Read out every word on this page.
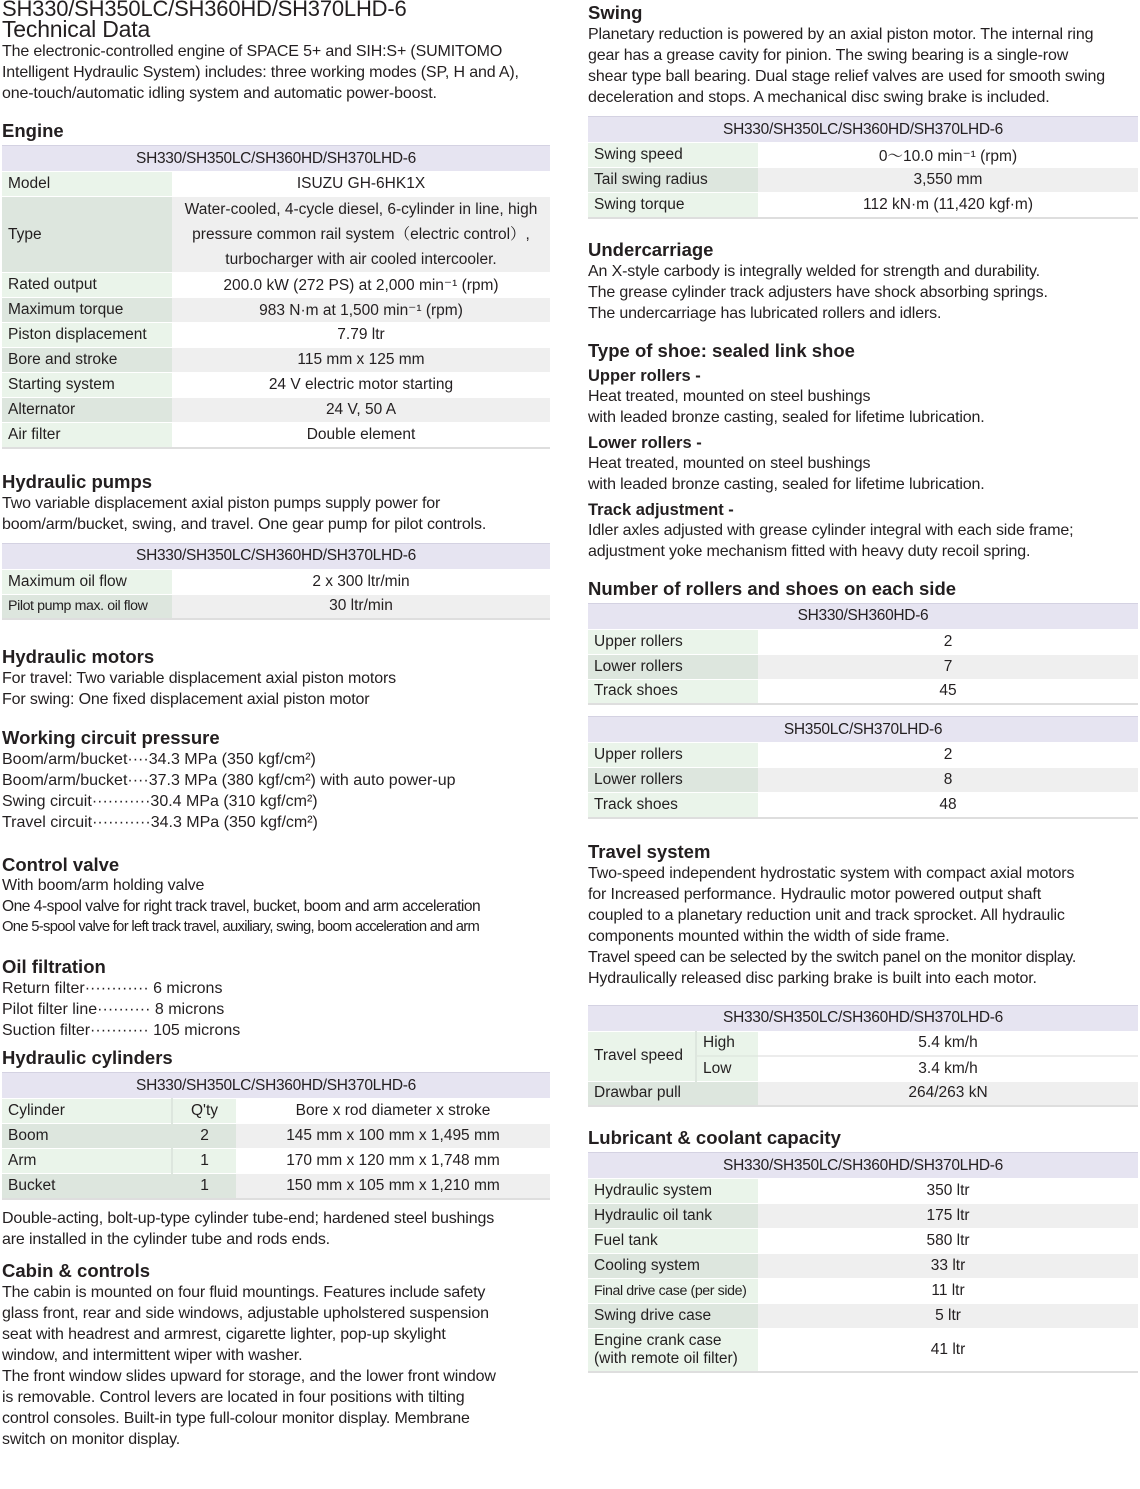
SH330/SH350LC/SH360HD/SH370LHD-6
Technical Data
The electronic-controlled engine of SPACE 5+ and SIH:S+ (SUMITOMO
Intelligent Hydraulic System) includes: three working modes (SP, H and A),
one-touch/automatic idling system and automatic power-boost.
Engine
SH330/SH350LC/SH360HD/SH370LHD-6	
Model	ISUZU GH-6HK1X
Type	Water-cooled, 4-cycle diesel, 6-cylinder in line, high
pressure common rail system（electric control）,
turbocharger with air cooled intercooler.

Rated output	200.0 kW (272 PS) at 2,000 min⁻¹ (rpm)
Maximum torque	983 N·m at 1,500 min⁻¹ (rpm)
Piston displacement	7.79 ltr
Bore and stroke	115 mm x 125 mm
Starting system	24 V electric motor starting
Alternator	24 V, 50 A
Air filter	Double element
Hydraulic pumps
Two variable displacement axial piston pumps supply power for
boom/arm/bucket, swing, and travel. One gear pump for pilot controls.
SH330/SH350LC/SH360HD/SH370LHD-6	
Maximum oil flow	2 x 300 ltr/min
Pilot pump max. oil flow	30 ltr/min
Hydraulic motors
For travel: Two variable displacement axial piston motors
For swing: One fixed displacement axial piston motor
Working circuit pressure
Boom/arm/bucket ···· 34.3 MPa (350 kgf/cm²)
Boom/arm/bucket ···· 37.3 MPa (380 kgf/cm²) with auto power-up
Swing circuit ··········· 30.4 MPa (310 kgf/cm²)
Travel circuit ··········· 34.3 MPa (350 kgf/cm²)
Control valve
With boom/arm holding valve
One 4-spool valve for right track travel, bucket, boom and arm acceleration
One 5-spool valve for left track travel, auxiliary, swing, boom acceleration and arm
Oil filtration
Return filter ············ 6 microns
Pilot filter line ·········· 8 microns
Suction filter ··········· 105 microns
Hydraulic cylinders
SH330/SH350LC/SH360HD/SH370LHD-6		
Cylinder	Q'ty	Bore x rod diameter x stroke
Boom	2	145 mm x 100 mm x 1,495 mm
Arm	1	170 mm x 120 mm x 1,748 mm
Bucket	1	150 mm x 105 mm x 1,210 mm
Double-acting, bolt-up-type cylinder tube-end; hardened steel bushings
are installed in the cylinder tube and rods ends.
Cabin & controls
The cabin is mounted on four fluid mountings. Features include safety
glass front, rear and side windows, adjustable upholstered suspension
seat with headrest and armrest, cigarette lighter, pop-up skylight
window, and intermittent wiper with washer.
The front window slides upward for storage, and the lower front window
is removable. Control levers are located in four positions with tilting
control consoles. Built-in type full-colour monitor display. Membrane
switch on monitor display.
Swing
Planetary reduction is powered by an axial piston motor. The internal ring
gear has a grease cavity for pinion. The swing bearing is a single-row
shear type ball bearing. Dual stage relief valves are used for smooth swing
deceleration and stops. A mechanical disc swing brake is included.
SH330/SH350LC/SH360HD/SH370LHD-6	
Swing speed	0〜10.0 min⁻¹ (rpm)
Tail swing radius	3,550 mm
Swing torque	112 kN·m (11,420 kgf·m)
Undercarriage
An X-style carbody is integrally welded for strength and durability.
The grease cylinder track adjusters have shock absorbing springs.
The undercarriage has lubricated rollers and idlers.
Type of shoe: sealed link shoe
Upper rollers -
Heat treated, mounted on steel bushings
with leaded bronze casting, sealed for lifetime lubrication.
Lower rollers -
Heat treated, mounted on steel bushings
with leaded bronze casting, sealed for lifetime lubrication.
Track adjustment -
Idler axles adjusted with grease cylinder integral with each side frame;
adjustment yoke mechanism fitted with heavy duty recoil spring.
Number of rollers and shoes on each side
SH330/SH360HD-6	
Upper rollers	2
Lower rollers	7
Track shoes	45
SH350LC/SH370LHD-6	
Upper rollers	2
Lower rollers	8
Track shoes	48
Travel system
Two-speed independent hydrostatic system with compact axial motors
for Increased performance. Hydraulic motor powered output shaft
coupled to a planetary reduction unit and track sprocket. All hydraulic
components mounted within the width of side frame.
Travel speed can be selected by the switch panel on the monitor display.
Hydraulically released disc parking brake is built into each motor.
SH330/SH350LC/SH360HD/SH370LHD-6		
Travel speed	High	5.4 km/h
	Low	3.4 km/h
Drawbar pull		264/263 kN
Lubricant & coolant capacity
SH330/SH350LC/SH360HD/SH370LHD-6	
Hydraulic system	350 ltr
Hydraulic oil tank	175 ltr
Fuel tank	580 ltr
Cooling system	33 ltr
Final drive case (per side)	11 ltr
Swing drive case	5 ltr

Engine crank case
(with remote oil filter)	41 ltr
